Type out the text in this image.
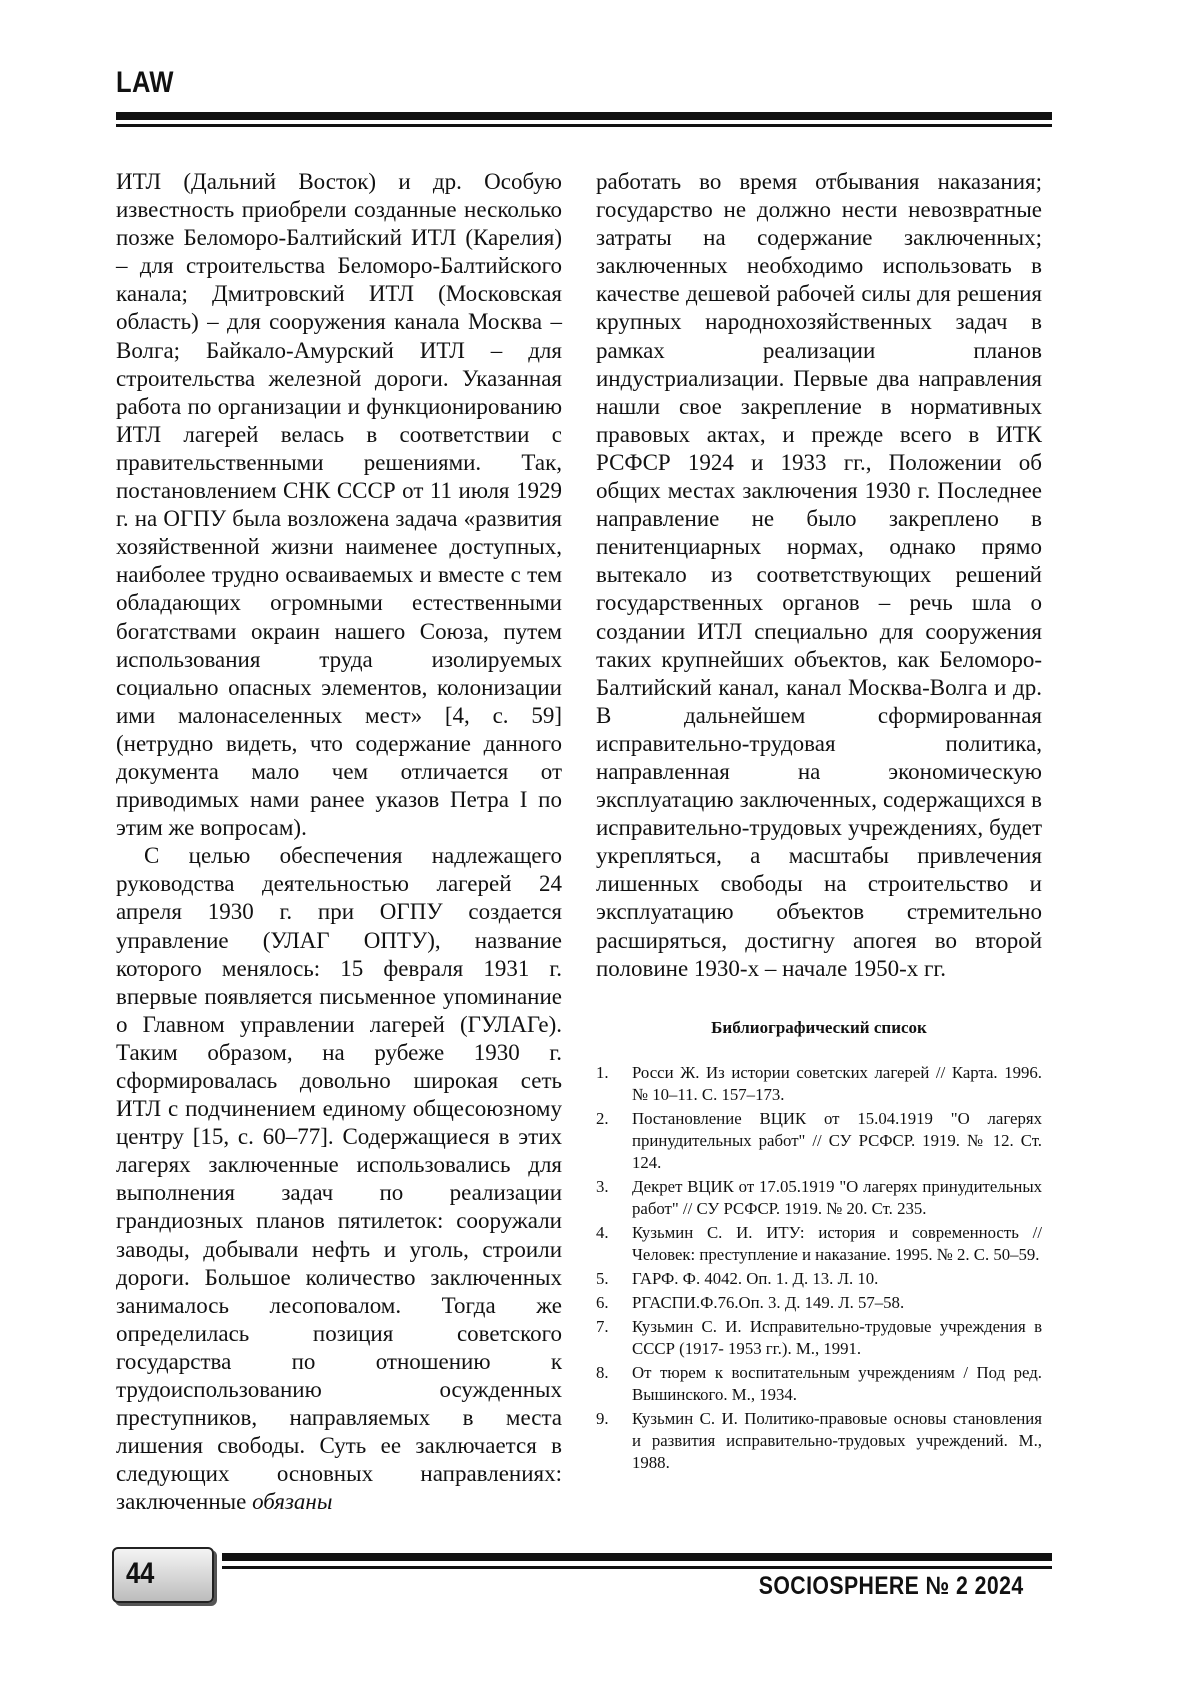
LAW

ИТЛ (Дальний Восток) и др. Особую известность приобрели созданные несколько позже Беломоро-Балтийский ИТЛ (Карелия) – для строительства Беломоро-Балтийского канала; Дмитровский ИТЛ (Московская область) – для сооружения канала Москва – Волга; Байкало-Амурский ИТЛ – для строительства железной дороги. Указанная работа по организации и функционированию ИТЛ лагерей велась в соответствии с правительственными решениями. Так, постановлением СНК СССР от 11 июля 1929 г. на ОГПУ была возложена задача «развития хозяйственной жизни наименее доступных, наиболее трудно осваиваемых и вместе с тем обладающих огромными естественными богатствами окраин нашего Союза, путем использования труда изолируемых социально опасных элементов, колонизации ими малонаселенных мест» [4, с. 59] (нетрудно видеть, что содержание данного документа мало чем отличается от приводимых нами ранее указов Петра I по этим же вопросам).

С целью обеспечения надлежащего руководства деятельностью лагерей 24 апреля 1930 г. при ОГПУ создается управление (УЛАГ ОПТУ), название которого менялось: 15 февраля 1931 г. впервые появляется письменное упоминание о Главном управлении лагерей (ГУЛАГе). Таким образом, на рубеже 1930 г. сформировалась довольно широкая сеть ИТЛ с подчинением единому общесоюзному центру [15, с. 60–77]. Содержащиеся в этих лагерях заключенные использовались для выполнения задач по реализации грандиозных планов пятилеток: сооружали заводы, добывали нефть и уголь, строили дороги. Большое количество заключенных занималось лесоповалом. Тогда же определилась позиция советского государства по отношению к трудоиспользованию осужденных преступников, направляемых в места лишения свободы. Суть ее заключается в следующих основных направлениях: заключенные обязаны

работать во время отбывания наказания; государство не должно нести невозвратные затраты на содержание заключенных; заключенных необходимо использовать в качестве дешевой рабочей силы для решения крупных народнохозяйственных задач в рамках реализации планов индустриализации. Первые два направления нашли свое закрепление в нормативных правовых актах, и прежде всего в ИТК РСФСР 1924 и 1933 гг., Положении об общих местах заключения 1930 г. Последнее направление не было закреплено в пенитенциарных нормах, однако прямо вытекало из соответствующих решений государственных органов – речь шла о создании ИТЛ специально для сооружения таких крупнейших объектов, как Беломоро-Балтийский канал, канал Москва-Волга и др. В дальнейшем сформированная исправительно-трудовая политика, направленная на экономическую эксплуатацию заключенных, содержащихся в исправительно-трудовых учреждениях, будет укрепляться, а масштабы привлечения лишенных свободы на строительство и эксплуатацию объектов стремительно расширяться, достигну апогея во второй половине 1930-х – начале 1950-х гг.

Библиографический список
1.	Росси Ж. Из истории советских лагерей // Карта. 1996. № 10–11. С. 157–173.
2.	Постановление ВЦИК от 15.04.1919 "О лагерях принудительных работ" // СУ РСФСР. 1919. № 12. Ст. 124.
3.	Декрет ВЦИК от 17.05.1919 "О лагерях принудительных работ" // СУ РСФСР. 1919. № 20. Ст. 235.
4.	Кузьмин С. И. ИТУ: история и современность // Человек: преступление и наказание. 1995. № 2. С. 50–59.
5.	ГАРФ. Ф. 4042. Оп. 1. Д. 13. Л. 10.
6.	РГАСПИ.Ф.76.Оп. 3. Д. 149. Л. 57–58.
7.	Кузьмин С. И. Исправительно-трудовые учреждения в СССР (1917- 1953 гг.). М., 1991.
8.	От тюрем к воспитательным учреждениям / Под ред. Вышинского. М., 1934.
9.	Кузьмин С. И. Политико-правовые основы становления и развития исправительно-трудовых учреждений. М., 1988.
44	SOCIOSPHERE № 2 2024
